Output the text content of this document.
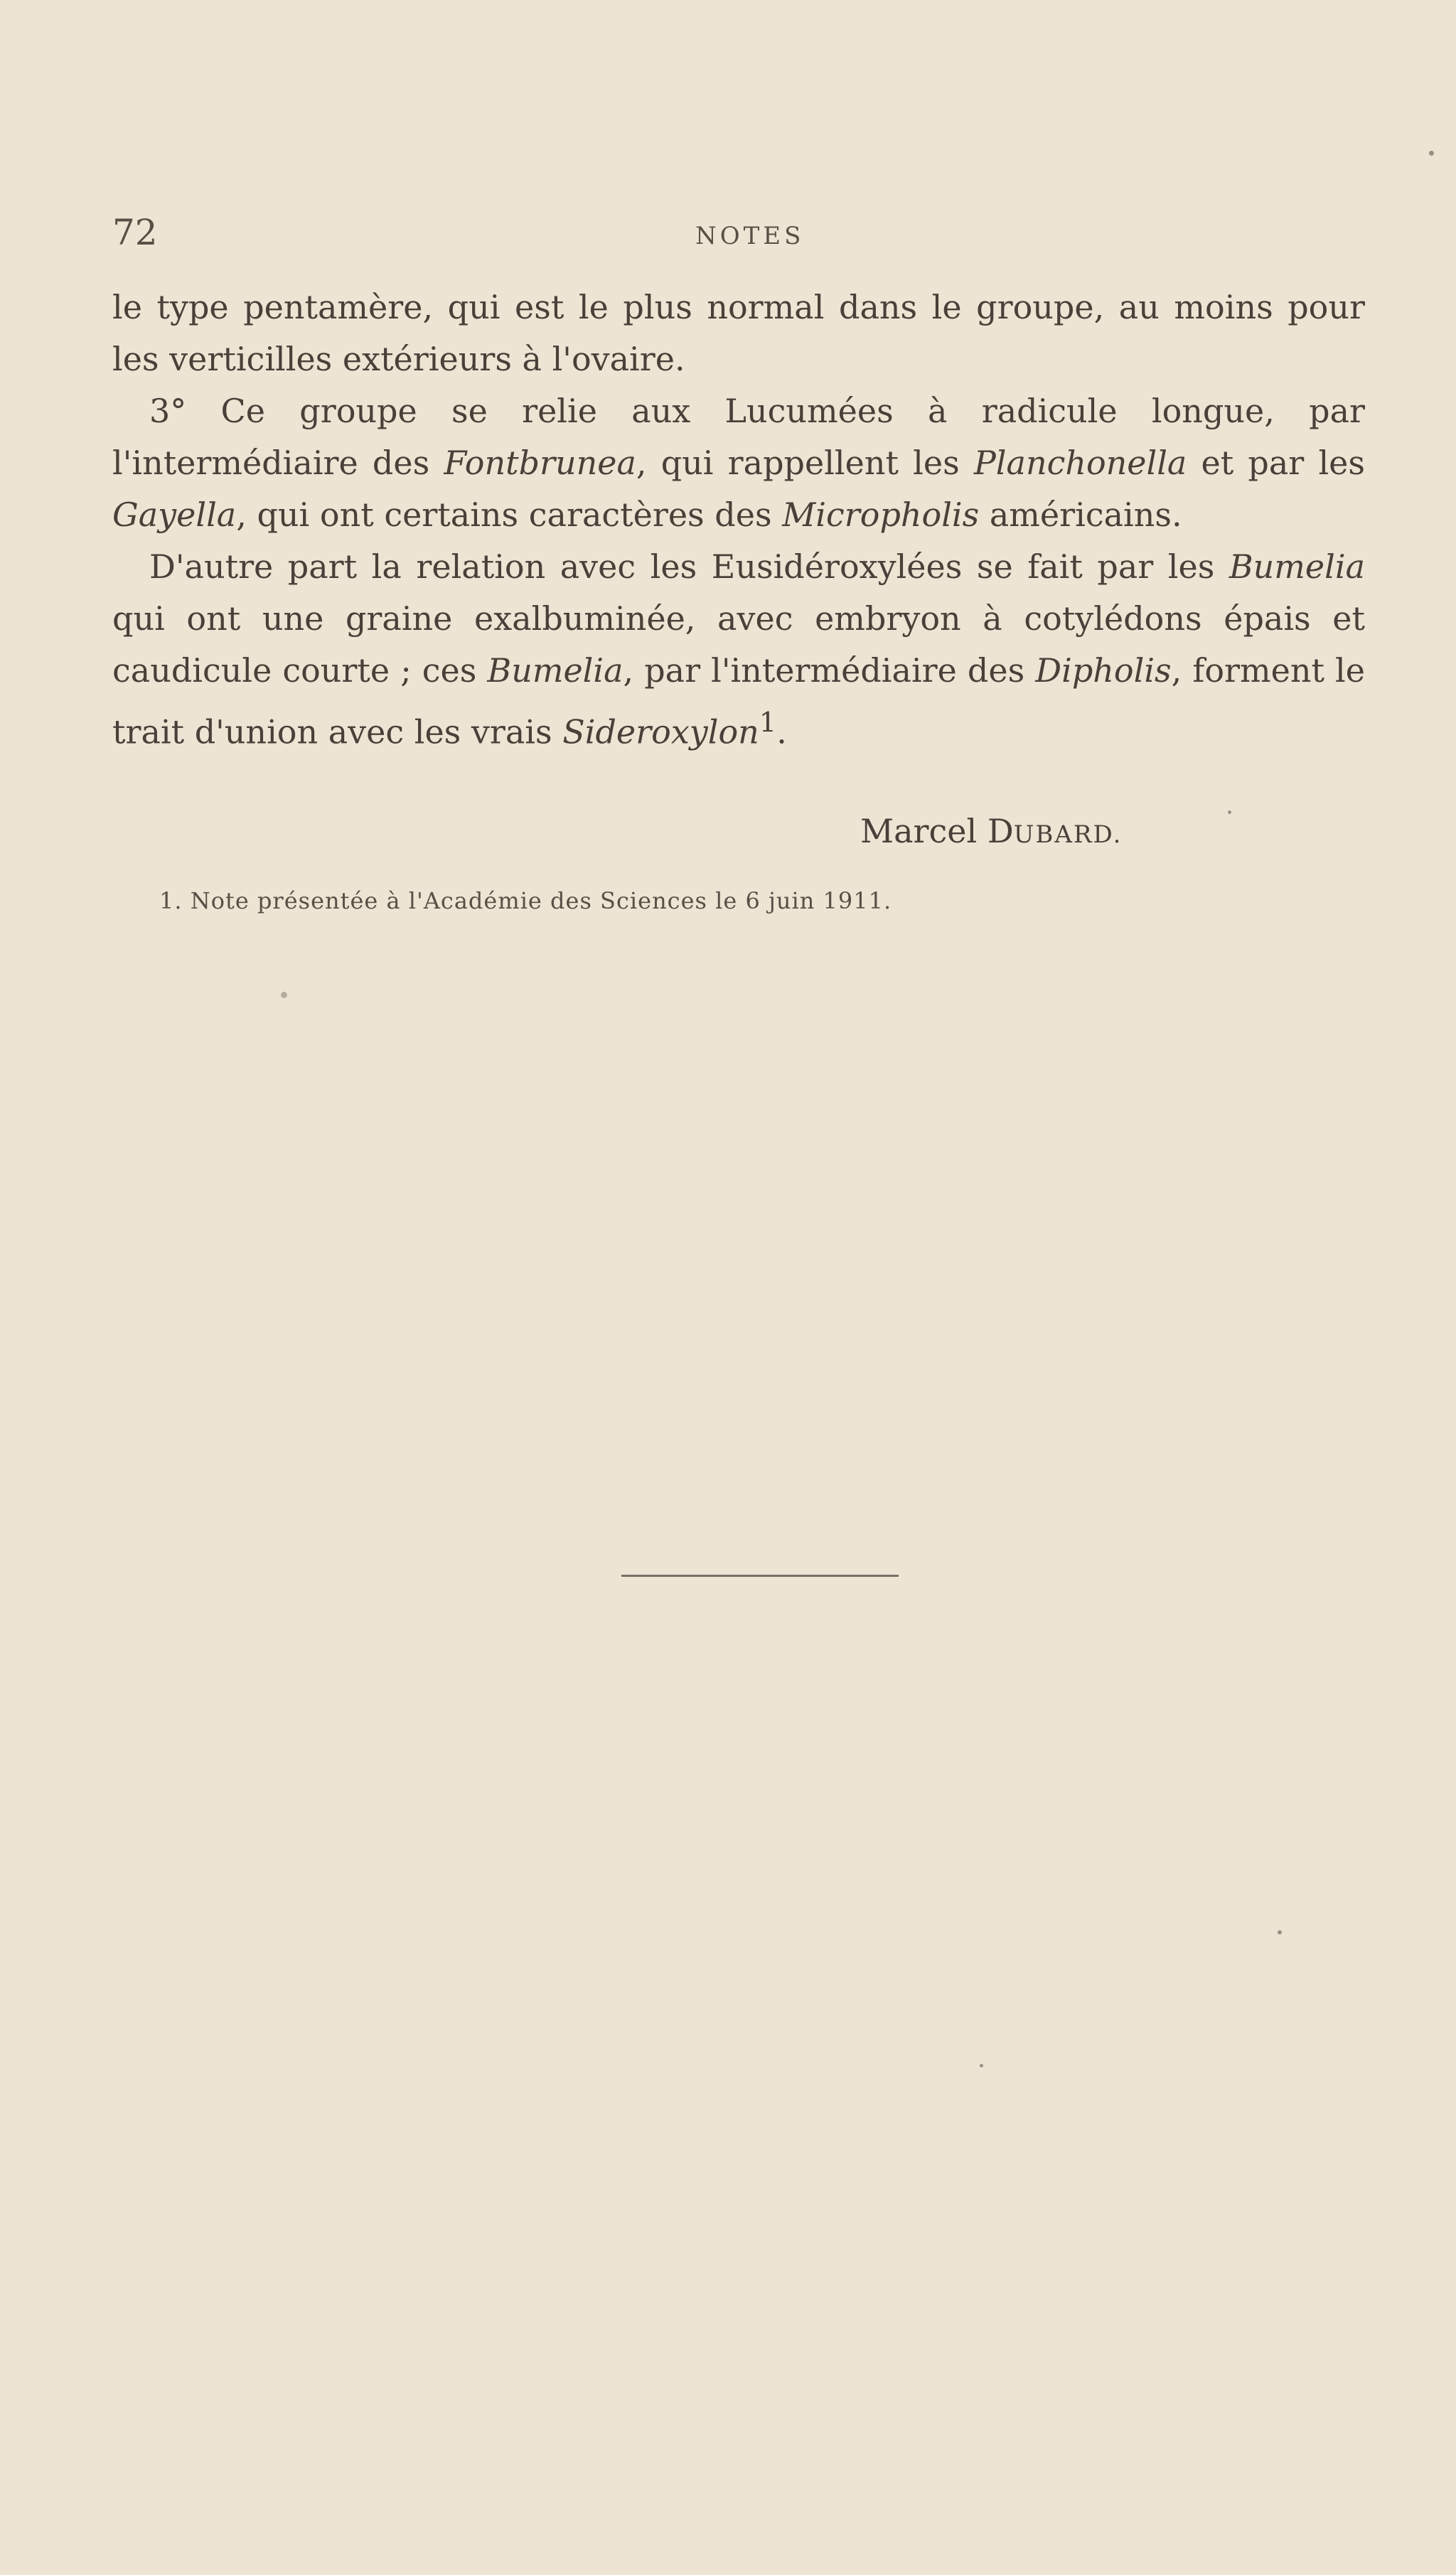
72	NOTES

le type pentamère, qui est le plus normal dans le groupe, au moins pour les verticilles extérieurs à l'ovaire.

3° Ce groupe se relie aux Lucumées à radicule longue, par l'intermédiaire des Fontbrunea, qui rappellent les Planchonella et par les Gayella, qui ont certains caractères des Micropholis américains.

D'autre part la relation avec les Eusidéroxylées se fait par les Bumelia qui ont une graine exalbuminée, avec embryon à cotylédons épais et caudicule courte ; ces Bumelia, par l'intermédiaire des Dipholis, forment le trait d'union avec les vrais Sideroxylon$^1$.

Marcel DUBARD.
1. Note présentée à l'Académie des Sciences le 6 juin 1911.
